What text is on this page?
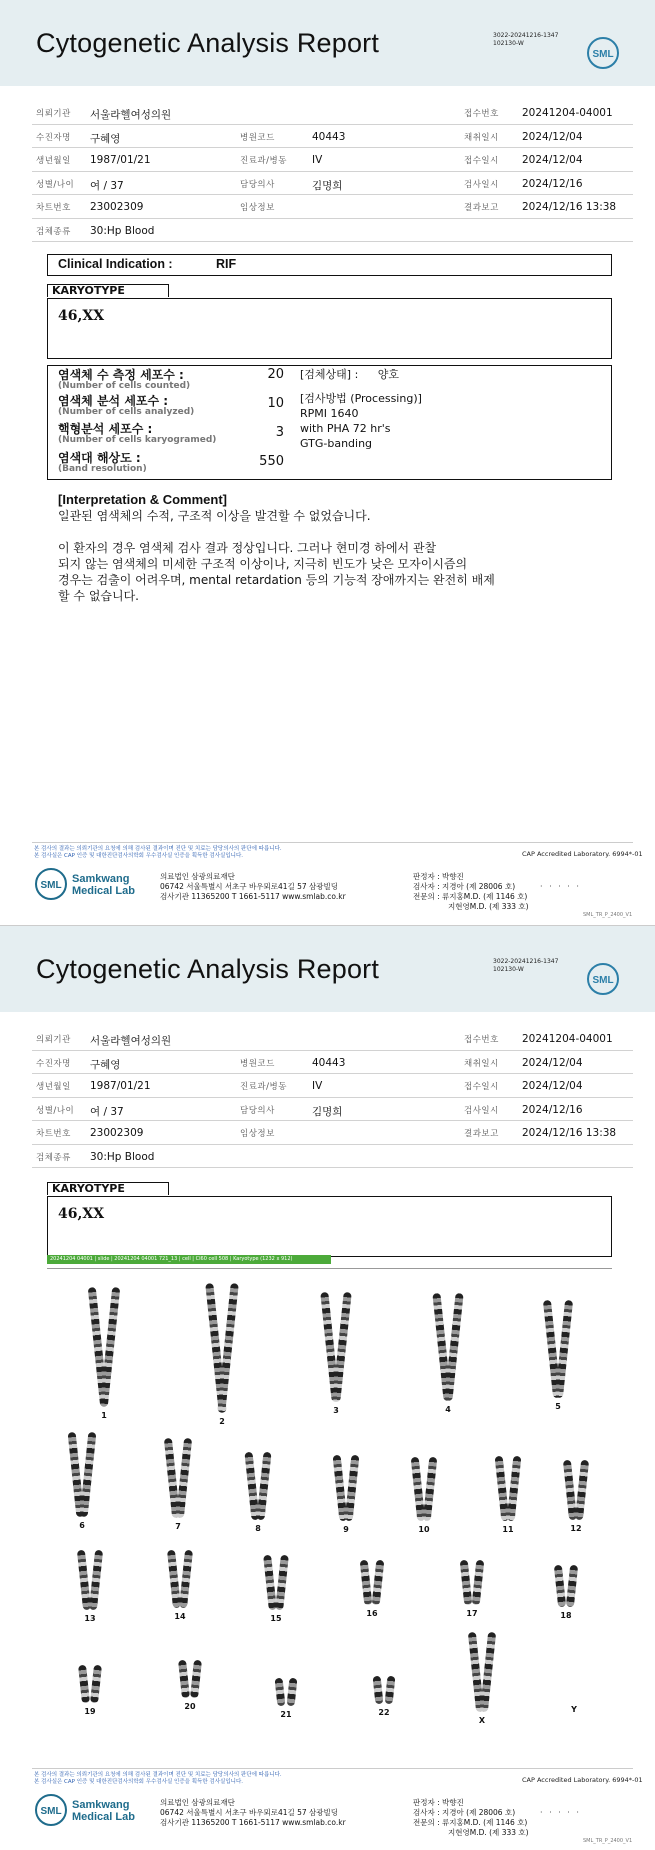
Cytogenetic Analysis Report	3022-20241216-1347
102130-W
SML
의뢰기관 서울라헬여성의원	접수번호 20241204-04001
수진자명 구혜영	병원코드	40443	채취일시 2024/12/04
생년월일 1987/01/21	진료과/병동 IV	접수일시 2024/12/04
성별/나이 여 / 37	담당의사	김명희	검사일시 2024/12/16
차트번호 23002309	임상정보	결과보고 2024/12/16 13:38
검체종류 30:Hp Blood
Clinical Indication :	RIF
KARYOTYPE
46,XX
염색체 수 측정 세포수 :
(Number of cells counted)
20
염색체 분석 세포수 :
(Number of cells analyzed)
10
핵형분석 세포수 :
(Number of cells karyogramed)	3
염색대 해상도 :
(Band resolution)	550
[검체상태] : 양호
[검사방법 (Processing)]
RPMI 1640
with PHA 72 hr's
GTG-banding
[Interpretation & Comment]
일관된 염색체의 수적, 구조적 이상을 발견할 수 없었습니다.
이 환자의 경우 염색체 검사 결과 정상입니다. 그러나 현미경 하에서 관찰
되지 않는 염색체의 미세한 구조적 이상이나, 지극히 빈도가 낮은 모자이시즘의
경우는 검출이 어려우며, mental retardation 등의 기능적 장애까지는 완전히 배제
할 수 없습니다.
본 검사의 결과는 의뢰기관의 요청에 의해 검사된 결과이며 진단 및 치료는 담당의사의 판단에 따릅니다.
본 검사실은 CAP 인증 및 대한진단검사의학회 우수검사실 인증을 획득한 검사실입니다.	CAP Accredited Laboratory. 6994*-01
SML
Samkwang
Medical Lab
의료법인 삼광의료재단
06742 서울특별시 서초구 바우뫼로41길 57 삼광빌딩
검사기관 11365200 T 1661-5117 www.smlab.co.kr
판정자 : 박향진
검사자 : 지경아 (제 28006 호)
전문의 : 류지홍M.D. (제 1146 호)
지현영M.D. (제 333 호)
· · · · ·
SML_TR_P_2400_V1
Cytogenetic Analysis Report	3022-20241216-1347
102130-W
SML
의뢰기관 서울라헬여성의원	접수번호 20241204-04001
수진자명 구혜영	병원코드	40443	채취일시 2024/12/04
생년월일 1987/01/21	진료과/병동 IV	접수일시 2024/12/04
성별/나이 여 / 37	담당의사	김명희	검사일시 2024/12/16
차트번호 23002309	임상정보	결과보고 2024/12/16 13:38
검체종류 30:Hp Blood
KARYOTYPE
46,XX
본 검사의 결과는 의뢰기관의 요청에 의해 검사된 결과이며 진단 및 치료는 담당의사의 판단에 따릅니다.
본 검사실은 CAP 인증 및 대한진단검사의학회 우수검사실 인증을 획득한 검사실입니다.	CAP Accredited Laboratory. 6994*-01
SML
Samkwang
Medical Lab
의료법인 삼광의료재단
06742 서울특별시 서초구 바우뫼로41길 57 삼광빌딩
검사기관 11365200 T 1661-5117 www.smlab.co.kr
판정자 : 박향진
검사자 : 지경아 (제 28006 호)
전문의 : 류지홍M.D. (제 1146 호)
지현영M.D. (제 333 호)
· · · · ·
SML_TR_P_2400_V1
20241204 04001 | slide | 20241204 04001 721_13 | cell | CI60 cell 508 | Karyotype (1232 x 912)
1
2
3	4	5
6	7	8	9	10	11	12
13	14	15
16	17	18
19
20
21	22
X
Y
